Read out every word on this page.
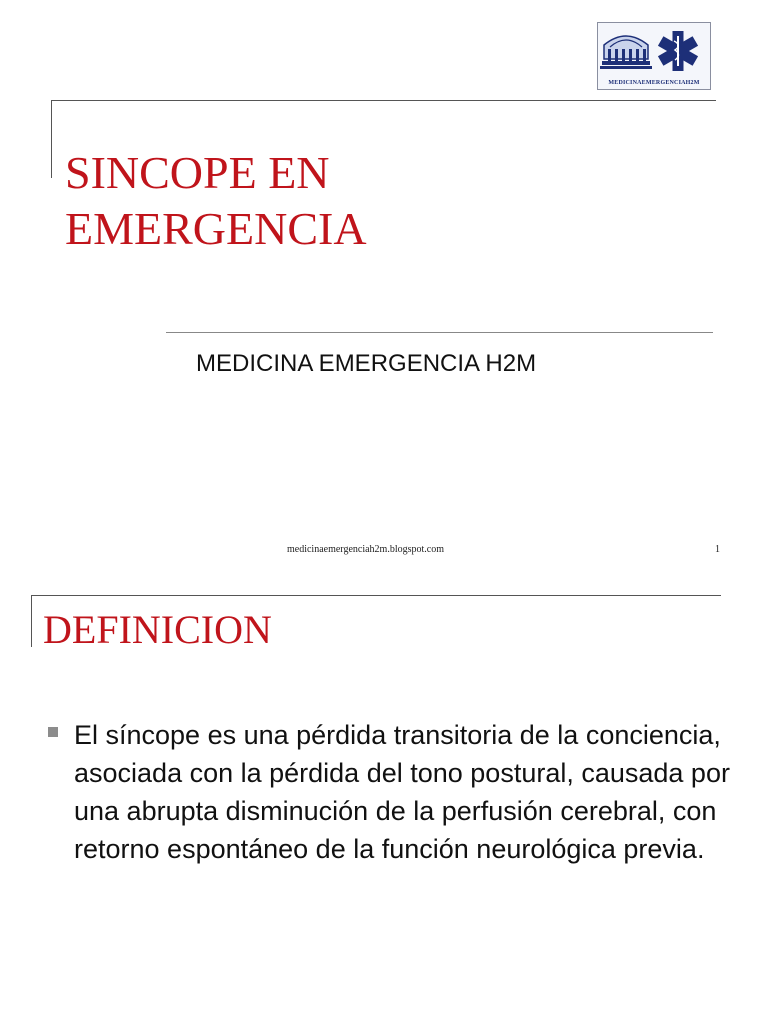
MEDICINAEMERGENCIAH2M
SINCOPE EN EMERGENCIA
MEDICINA EMERGENCIA H2M
medicinaemergenciah2m.blogspot.com	1
DEFINICION
El síncope es una pérdida transitoria de la conciencia, asociada con la pérdida del tono postural, causada por una abrupta disminución de la perfusión cerebral, con retorno espontáneo de la función neurológica previa.
